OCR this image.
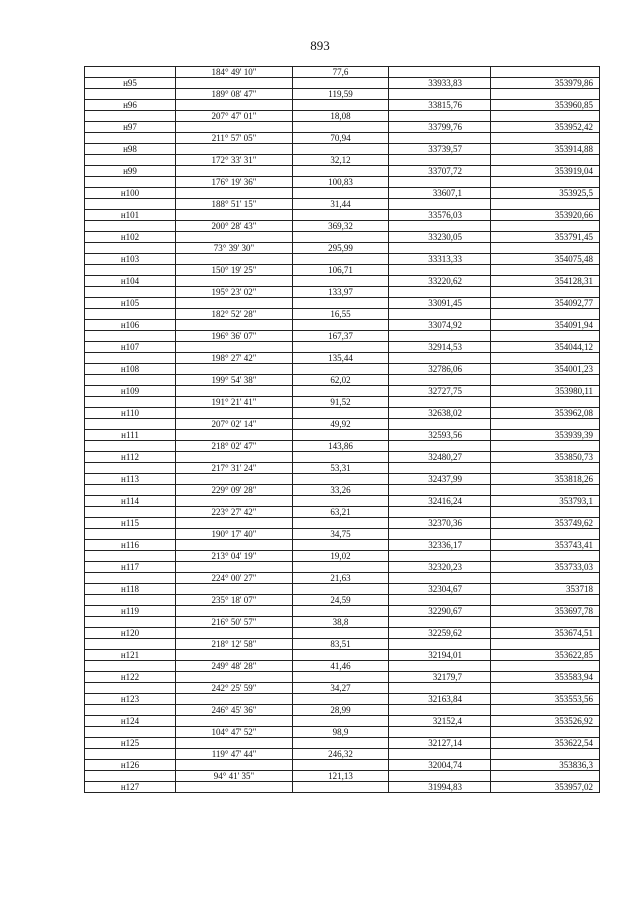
893
	184° 49' 10"	77,6		
н95			33933,83	353979,86
	189° 08' 47"	119,59		
н96			33815,76	353960,85
	207° 47' 01"	18,08		
н97			33799,76	353952,42
	211° 57' 05"	70,94		
н98			33739,57	353914,88
	172° 33' 31"	32,12		
н99			33707,72	353919,04
	176° 19' 36"	100,83		
н100			33607,1	353925,5
	188° 51' 15"	31,44		
н101			33576,03	353920,66
	200° 28' 43"	369,32		
н102			33230,05	353791,45
	73° 39' 30"	295,99		
н103			33313,33	354075,48
	150° 19' 25"	106,71		
н104			33220,62	354128,31
	195° 23' 02"	133,97		
н105			33091,45	354092,77
	182° 52' 28"	16,55		
н106			33074,92	354091,94
	196° 36' 07"	167,37		
н107			32914,53	354044,12
	198° 27' 42"	135,44		
н108			32786,06	354001,23
	199° 54' 38"	62,02		
н109			32727,75	353980,11
	191° 21' 41"	91,52		
н110			32638,02	353962,08
	207° 02' 14"	49,92		
н111			32593,56	353939,39
	218° 02' 47"	143,86		
н112			32480,27	353850,73
	217° 31' 24"	53,31		
н113			32437,99	353818,26
	229° 09' 28"	33,26		
н114			32416,24	353793,1
	223° 27' 42"	63,21		
н115			32370,36	353749,62
	190° 17' 40"	34,75		
н116			32336,17	353743,41
	213° 04' 19"	19,02		
н117			32320,23	353733,03
	224° 00' 27"	21,63		
н118			32304,67	353718
	235° 18' 07"	24,59		
н119			32290,67	353697,78
	216° 50' 57"	38,8		
н120			32259,62	353674,51
	218° 12' 58"	83,51		
н121			32194,01	353622,85
	249° 48' 28"	41,46		
н122			32179,7	353583,94
	242° 25' 59"	34,27		
н123			32163,84	353553,56
	246° 45' 36"	28,99		
н124			32152,4	353526,92
	104° 47' 52"	98,9		
н125			32127,14	353622,54
	119° 47' 44"	246,32		
н126			32004,74	353836,3
	94° 41' 35"	121,13		
н127			31994,83	353957,02
